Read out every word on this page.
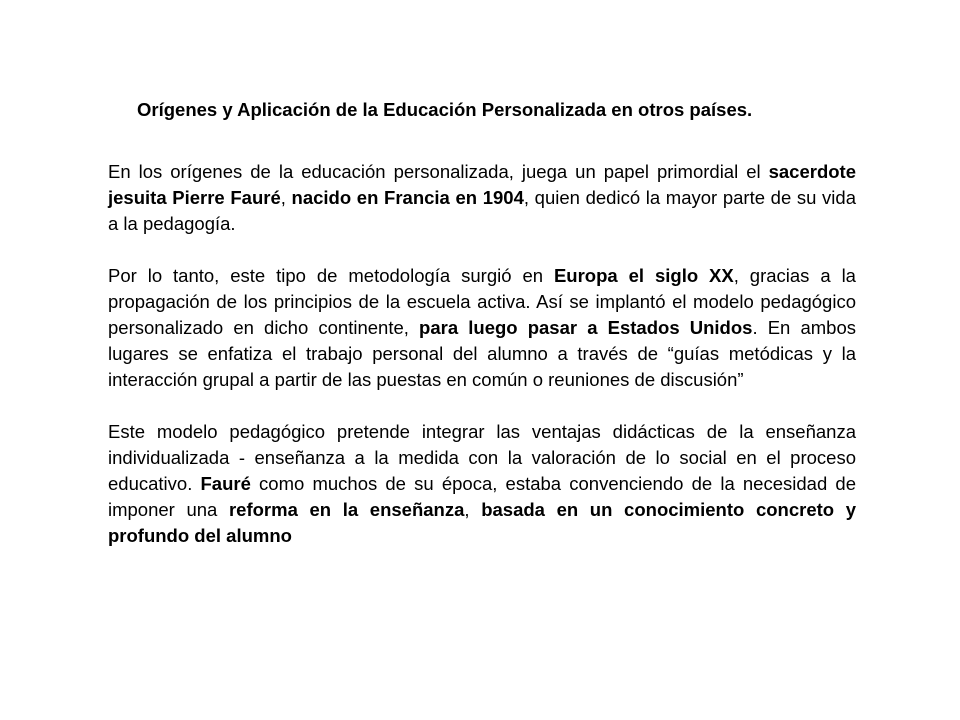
Orígenes y Aplicación de la Educación Personalizada en otros países.

En los orígenes de la educación personalizada, juega un papel primordial el sacerdote jesuita Pierre Fauré, nacido en Francia en 1904, quien dedicó la mayor parte de su vida a la pedagogía.

Por lo tanto, este tipo de metodología surgió en Europa el siglo XX, gracias a la propagación de los principios de la escuela activa. Así se implantó el modelo pedagógico personalizado en dicho continente, para luego pasar a Estados Unidos. En ambos lugares se enfatiza el trabajo personal del alumno a través de “guías metódicas y la interacción grupal a partir de las puestas en común o reuniones de discusión”

Este modelo pedagógico pretende integrar las ventajas didácticas de la enseñanza individualizada - enseñanza a la medida con la valoración de lo social en el proceso educativo. Fauré como muchos de su época, estaba convenciendo de la necesidad de imponer una reforma en la enseñanza, basada en un conocimiento concreto y profundo del alumno
